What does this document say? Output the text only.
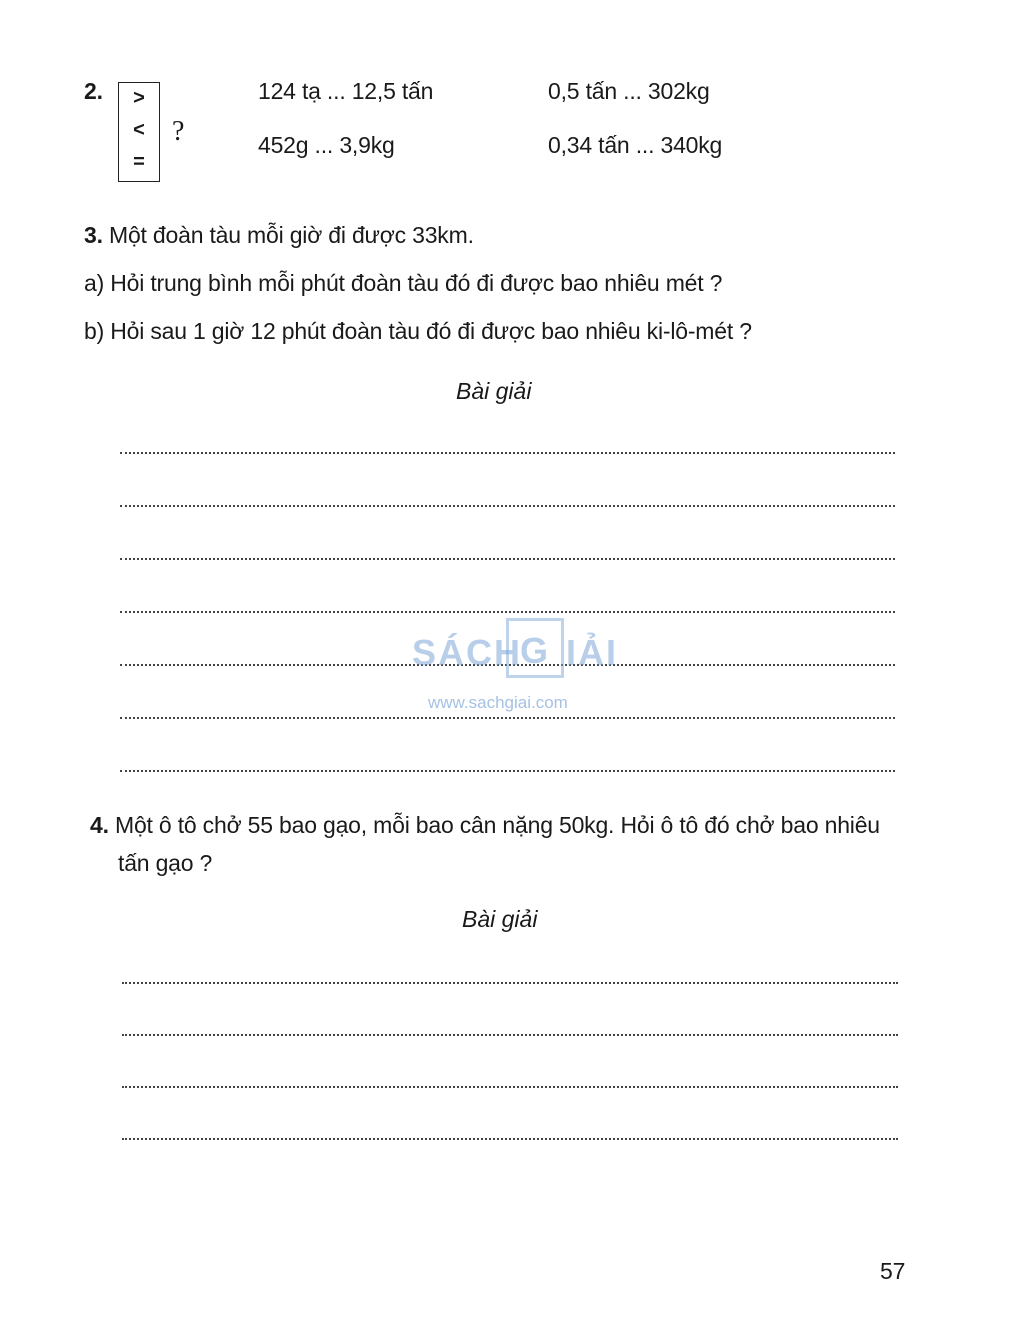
2.	>
<
=
?
124 tạ ... 12,5 tấn	0,5 tấn ... 302kg
452g ... 3,9kg	0,34 tấn ... 340kg
3. Một đoàn tàu mỗi giờ đi được 33km.
a) Hỏi trung bình mỗi phút đoàn tàu đó đi được bao nhiêu mét ?
b) Hỏi sau 1 giờ 12 phút đoàn tàu đó đi được bao nhiêu ki-lô-mét ?
Bài giải
SÁCH
G IẢI
www.sachgiai.com
4. Một ô tô chở 55 bao gạo, mỗi bao cân nặng 50kg. Hỏi ô tô đó chở bao nhiêu
tấn gạo ?
Bài giải
57
